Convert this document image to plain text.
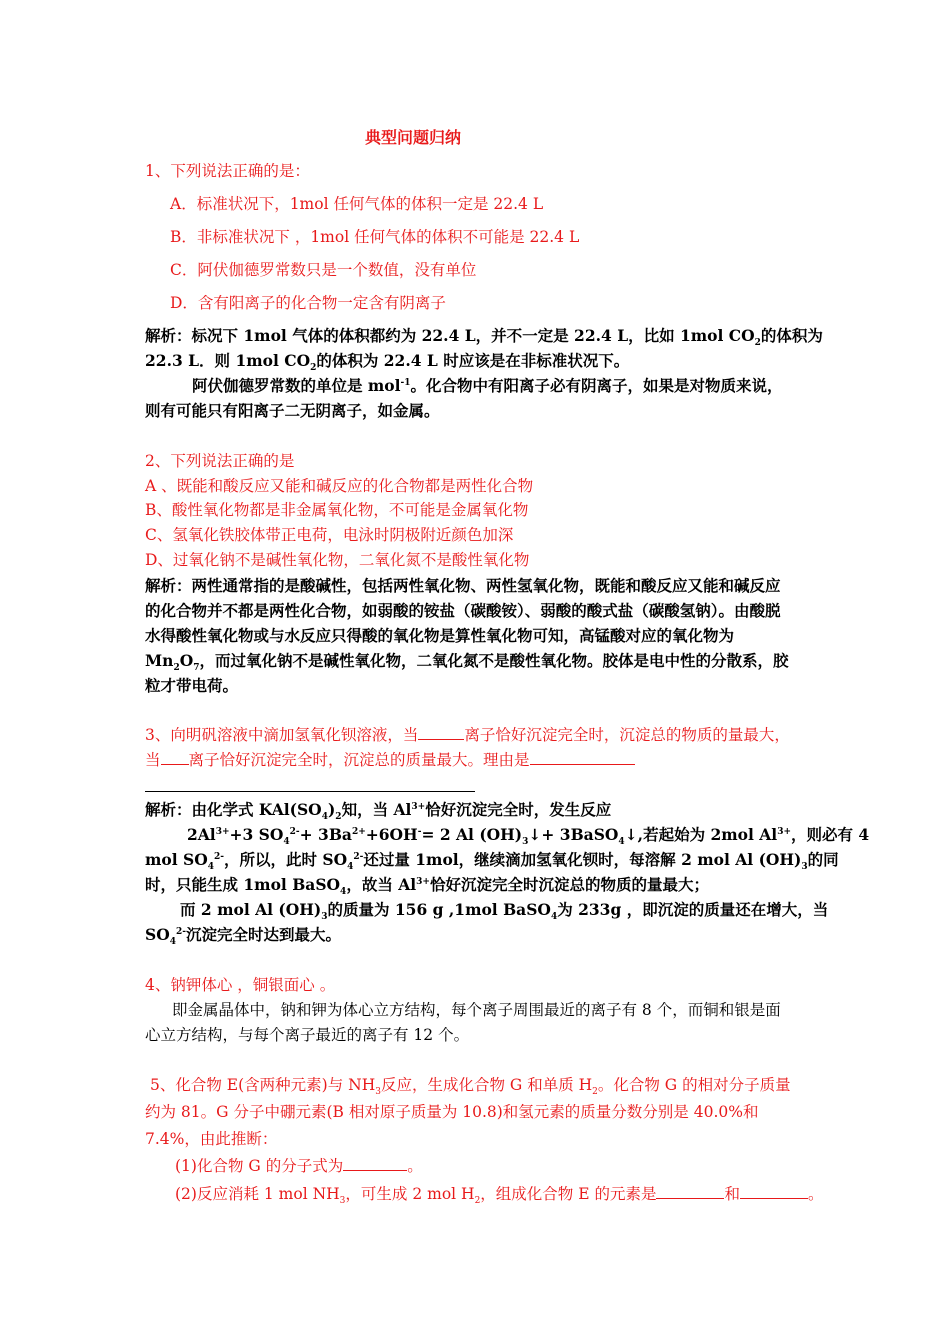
典型问题归纳
1、下列说法正确的是：
A．标准状况下，1mol 任何气体的体积一定是 22.4 L
B．非标准状况下 ，1mol 任何气体的体积不可能是 22.4 L
C．阿伏伽德罗常数只是一个数值，没有单位
D．含有阳离子的化合物一定含有阴离子
解析：标况下 1mol 气体的体积都约为 22.4 L，并不一定是 22.4 L，比如 1mol $CO_2$的体积为
22.3 L．则 1mol $CO_2$的体积为 22.4 L 时应该是在非标准状况下。
阿伏伽德罗常数的单位是 mol$^{-1}$。化合物中有阳离子必有阴离子，如果是对物质来说，
则有可能只有阳离子二无阴离子，如金属。
2、下列说法正确的是
A 、既能和酸反应又能和碱反应的化合物都是两性化合物
B、酸性氧化物都是非金属氧化物，不可能是金属氧化物
C、氢氧化铁胶体带正电荷，电泳时阴极附近颜色加深
D、过氧化钠不是碱性氧化物，二氧化氮不是酸性氧化物
解析：两性通常指的是酸碱性，包括两性氧化物、两性氢氧化物，既能和酸反应又能和碱反应
的化合物并不都是两性化合物，如弱酸的铵盐（碳酸铵）、弱酸的酸式盐（碳酸氢钠）。由酸脱
水得酸性氧化物或与水反应只得酸的氧化物是算性氧化物可知，高锰酸对应的氧化物为
$Mn_2O_7$，而过氧化钠不是碱性氧化物，二氧化氮不是酸性氧化物。胶体是电中性的分散系，胶
粒才带电荷。
3、向明矾溶液中滴加氢氧化钡溶液，当	离子恰好沉淀完全时，沉淀总的物质的量最大，
当 离子恰好沉淀完全时，沉淀总的质量最大。理由是
解析：由化学式 $KAl(SO_4)_2$知，当 $Al^{3+}$恰好沉淀完全时，发生反应
$2Al^{3+}+3$ $SO_4^{2-}+ 3Ba^{2+}+6OH^-= 2$ Al $(OH)_3↓+$ 3BaSO$_4$↓,若起始为 2mol $Al^{3+}$，则必有 4
mol $SO_4^{2-}$，所以，此时 $SO_4^{2-}$还过量 1mol，继续滴加氢氧化钡时，每溶解 2 mol Al $(OH)_3$的同
时，只能生成 1mol BaSO$_4$，故当 $Al^{3+}$恰好沉淀完全时沉淀总的物质的量最大；
而 2 mol Al $(OH)_3$的质量为 156 g ,1mol BaSO$_4$为 233g ，即沉淀的质量还在增大，当
$SO_4^{2-}$沉淀完全时达到最大。
4、钠钾体心 ，铜银面心 。
即金属晶体中，钠和钾为体心立方结构，每个离子周围最近的离子有 8 个，而铜和银是面
心立方结构，与每个离子最近的离子有 12 个。
5、化合物 E(含两种元素)与 $NH_3$反应，生成化合物 G 和单质 $H_2$。化合物 G 的相对分子质量
约为 81。G 分子中硼元素(B 相对原子质量为 10.8)和氢元素的质量分数分别是 40.0%和
7.4%，由此推断：
(1)化合物 G 的分子式为	。
(2)反应消耗 1 mol $NH_3$，可生成 2 mol $H_2$，组成化合物 E 的元素是	和	。
